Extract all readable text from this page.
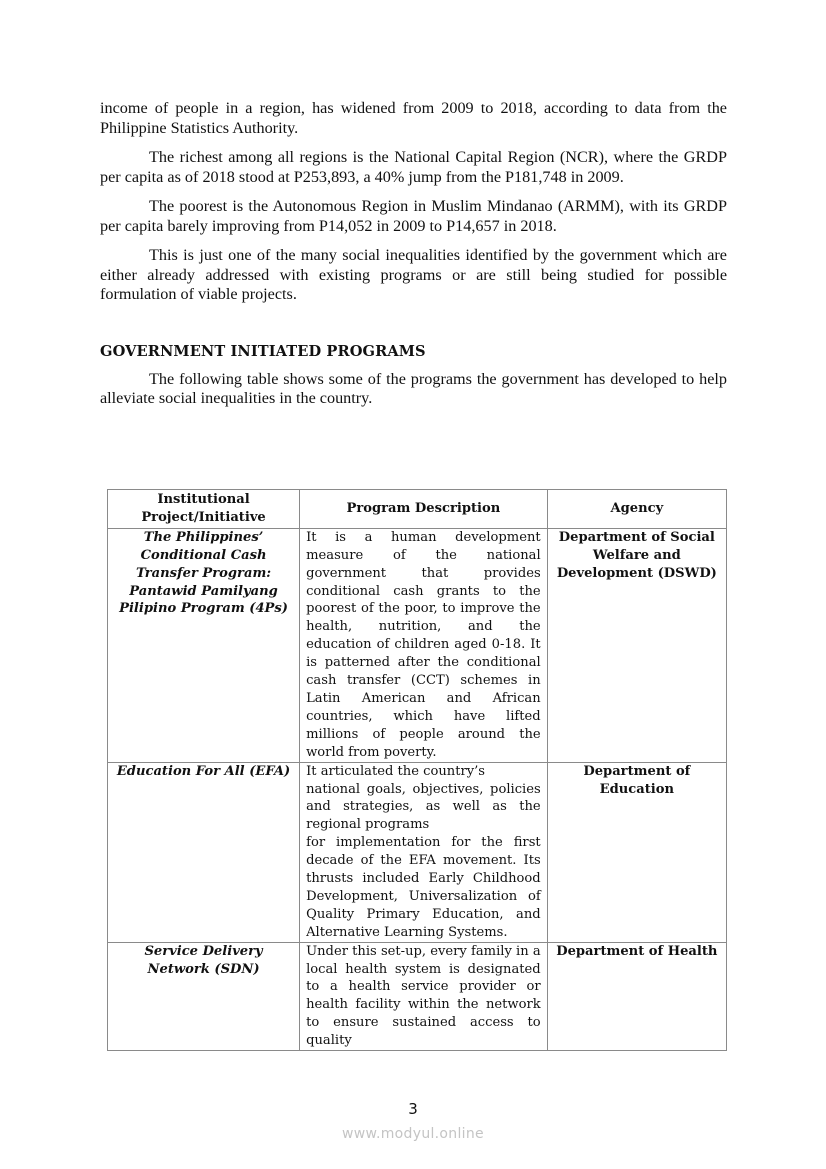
income of people in a region, has widened from 2009 to 2018, according to data from the Philippine Statistics Authority.

The richest among all regions is the National Capital Region (NCR), where the GRDP per capita as of 2018 stood at P253,893, a 40% jump from the P181,748 in 2009.

The poorest is the Autonomous Region in Muslim Mindanao (ARMM), with its GRDP per capita barely improving from P14,052 in 2009 to P14,657 in 2018.

This is just one of the many social inequalities identified by the government which are either already addressed with existing programs or are still being studied for possible formulation of viable projects.

GOVERNMENT INITIATED PROGRAMS

The following table shows some of the programs the government has developed to help alleviate social inequalities in the country.

Institutional Project/Initiative	Program Description	Agency
The Philippines’ Conditional Cash Transfer Program: Pantawid Pamilyang Pilipino Program (4Ps)	It is a human development measure of the national government that provides conditional cash grants to the poorest of the poor, to improve the health, nutrition, and the education of children aged 0-18. It is patterned after the conditional cash transfer (CCT) schemes in Latin American and African countries, which have lifted millions of people around the world from poverty.	Department of Social Welfare and Development (DSWD)
Education For All (EFA)	It articulated the country’s
national goals, objectives, policies and strategies, as well as the regional programs
for implementation for the first decade of the EFA movement. Its thrusts included Early Childhood Development, Universalization of Quality Primary Education, and Alternative Learning Systems.	Department of Education
Service Delivery Network (SDN)	Under this set-up, every family in a local health system is designated to a health service provider or health facility within the network to ensure sustained access to quality	Department of Health
3
www.modyul.online
